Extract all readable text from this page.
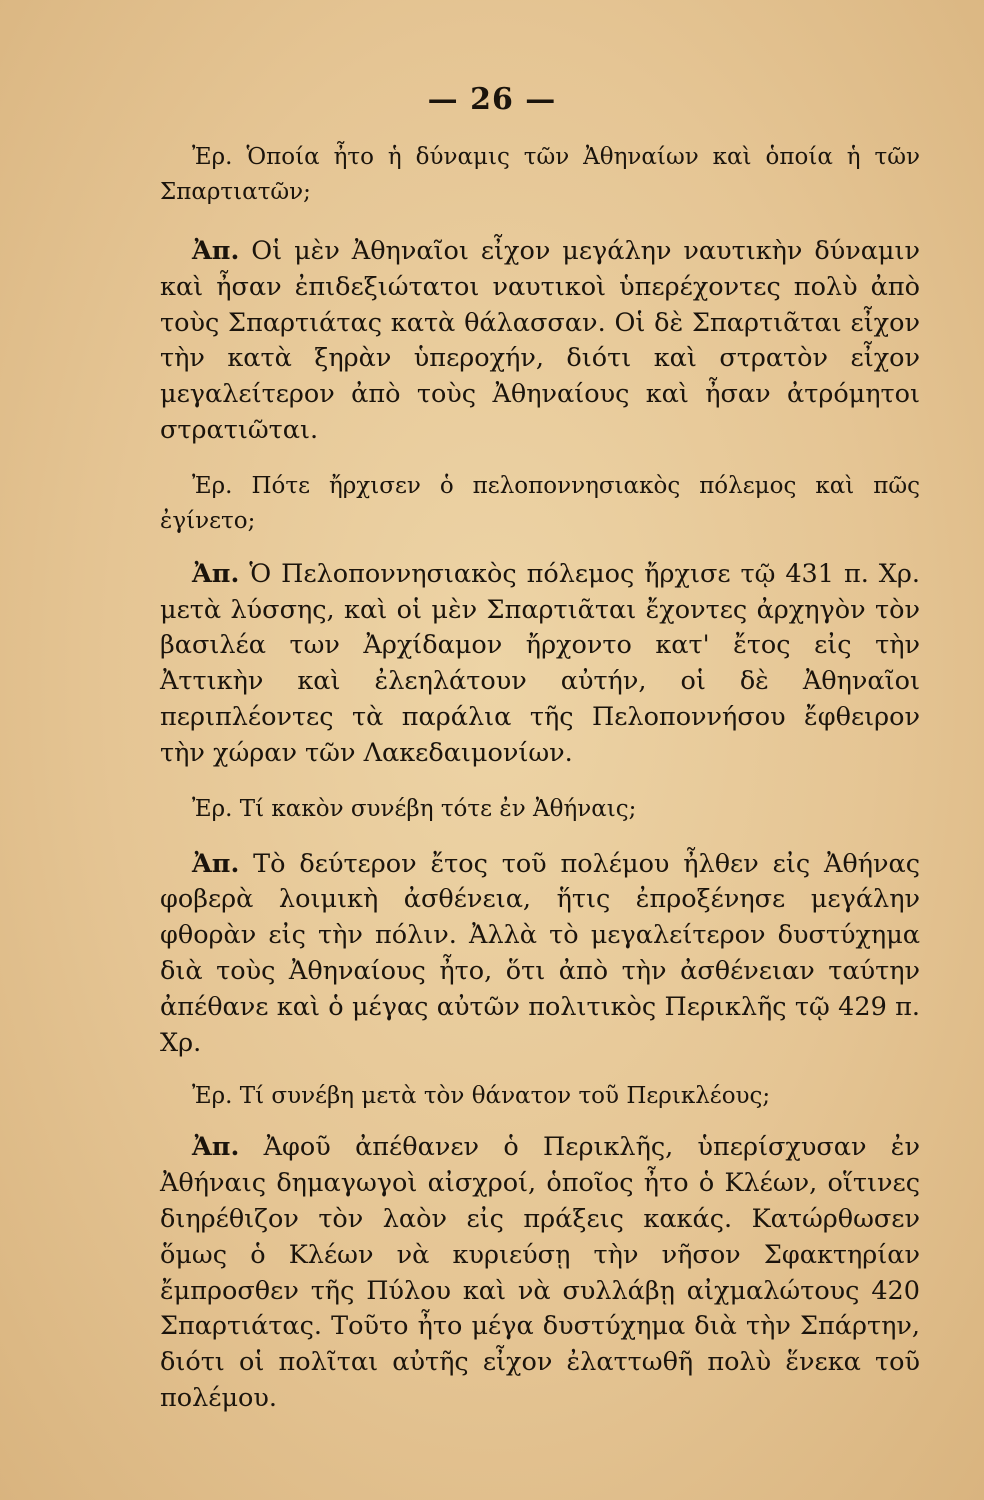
— 26 —

Ἐρ. Ὁποία ἦτο ἡ δύναμις τῶν Ἀθηναίων καὶ ὁποία ἡ τῶν Σπαρτιατῶν;

Ἀπ. Οἱ μὲν Ἀθηναῖοι εἶχον μεγάλην ναυτικὴν δύναμιν καὶ ἦσαν ἐπιδεξιώτατοι ναυτικοὶ ὑπερέχοντες πολὺ ἀπὸ τοὺς Σπαρτιάτας κατὰ θάλασσαν. Οἱ δὲ Σπαρτιᾶται εἶχον τὴν κατὰ ξηρὰν ὑπεροχήν, διότι καὶ στρατὸν εἶχον μεγαλείτερον ἀπὸ τοὺς Ἀθηναίους καὶ ἦσαν ἀτρόμητοι στρατιῶται.

Ἐρ. Πότε ἤρχισεν ὁ πελοποννησιακὸς πόλεμος καὶ πῶς ἐγίνετο;

Ἀπ. Ὁ Πελοποννησιακὸς πόλεμος ἤρχισε τῷ 431 π. Χρ. μετὰ λύσσης, καὶ οἱ μὲν Σπαρτιᾶται ἔχοντες ἀρχηγὸν τὸν βασιλέα των Ἀρχίδαμον ἤρχοντο κατ' ἔτος εἰς τὴν Ἀττικὴν καὶ ἐλεηλάτουν αὐτήν, οἱ δὲ Ἀθηναῖοι περιπλέοντες τὰ παράλια τῆς Πελοποννήσου ἔφθειρον τὴν χώραν τῶν Λακεδαιμονίων.

Ἐρ. Τί κακὸν συνέβη τότε ἐν Ἀθήναις;

Ἀπ. Τὸ δεύτερον ἔτος τοῦ πολέμου ἦλθεν εἰς Ἀθήνας φοβερὰ λοιμικὴ ἀσθένεια, ἥτις ἐπροξένησε μεγάλην φθορὰν εἰς τὴν πόλιν. Ἀλλὰ τὸ μεγαλείτερον δυστύχημα διὰ τοὺς Ἀθηναίους ἦτο, ὅτι ἀπὸ τὴν ἀσθένειαν ταύτην ἀπέθανε καὶ ὁ μέγας αὐτῶν πολιτικὸς Περικλῆς τῷ 429 π. Χρ.

Ἐρ. Τί συνέβη μετὰ τὸν θάνατον τοῦ Περικλέους;

Ἀπ. Ἀφοῦ ἀπέθανεν ὁ Περικλῆς, ὑπερίσχυσαν ἐν Ἀθήναις δημαγωγοὶ αἰσχροί, ὁποῖος ἦτο ὁ Κλέων, οἵτινες διηρέθιζον τὸν λαὸν εἰς πράξεις κακάς. Κατώρθωσεν ὅμως ὁ Κλέων νὰ κυριεύσῃ τὴν νῆσον Σφακτηρίαν ἔμπροσθεν τῆς Πύλου καὶ νὰ συλλάβῃ αἰχμαλώτους 420 Σπαρτιάτας. Τοῦτο ἦτο μέγα δυστύχημα διὰ τὴν Σπάρτην, διότι οἱ πολῖται αὐτῆς εἶχον ἐλαττωθῆ πολὺ ἕνεκα τοῦ πολέμου.
